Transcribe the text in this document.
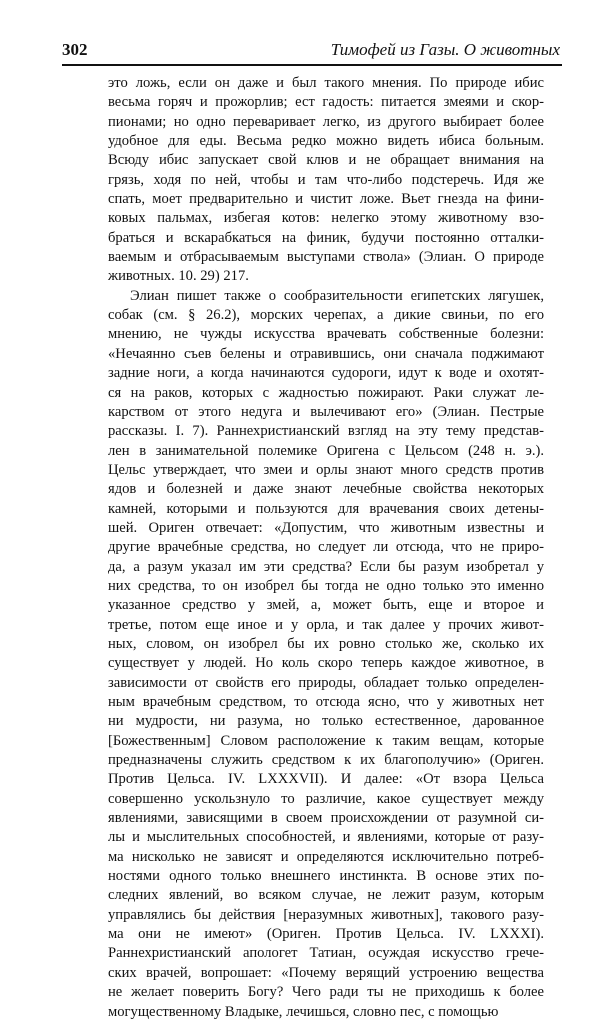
302	Тимофей из Газы. О животных

это ложь, если он даже и был такого мнения. По природе ибис
весьма горяч и прожорлив; ест гадость: питается змеями и скор-
пионами; но одно переваривает легко, из другого выбирает более
удобное для еды. Весьма редко можно видеть ибиса больным.
Всюду ибис запускает свой клюв и не обращает внимания на
грязь, ходя по ней, чтобы и там что-либо подстеречь. Идя же
спать, моет предварительно и чистит ложе. Вьет гнезда на фини-
ковых пальмах, избегая котов: нелегко этому животному взо-
браться и вскарабкаться на финик, будучи постоянно отталки-
ваемым и отбрасываемым выступами ствола» (Элиан. О природе
животных. 10. 29) 217.

Элиан пишет также о сообразительности египетских лягушек,
собак (см. § 26.2), морских черепах, а дикие свиньи, по его
мнению, не чужды искусства врачевать собственные болезни:
«Нечаянно съев белены и отравившись, они сначала поджимают
задние ноги, а когда начинаются судороги, идут к воде и охотят-
ся на раков, которых с жадностью пожирают. Раки служат ле-
карством от этого недуга и вылечивают его» (Элиан. Пестрые
рассказы. I. 7). Раннехристианский взгляд на эту тему представ-
лен в занимательной полемике Оригена с Цельсом (248 н. э.).
Цельс утверждает, что змеи и орлы знают много средств против
ядов и болезней и даже знают лечебные свойства некоторых
камней, которыми и пользуются для врачевания своих детены-
шей. Ориген отвечает: «Допустим, что животным известны и
другие врачебные средства, но следует ли отсюда, что не приро-
да, а разум указал им эти средства? Если бы разум изобретал у
них средства, то он изобрел бы тогда не одно только это именно
указанное средство у змей, а, может быть, еще и второе и
третье, потом еще иное и у орла, и так далее у прочих живот-
ных, словом, он изобрел бы их ровно столько же, сколько их
существует у людей. Но коль скоро теперь каждое животное, в
зависимости от свойств его природы, обладает только определен-
ным врачебным средством, то отсюда ясно, что у животных нет
ни мудрости, ни разума, но только естественное, дарованное
[Божественным] Словом расположение к таким вещам, которые
предназначены служить средством к их благополучию» (Ориген.
Против Цельса. IV. LXXXVII). И далее: «От взора Цельса
совершенно ускользнуло то различие, какое существует между
явлениями, зависящими в своем происхождении от разумной си-
лы и мыслительных способностей, и явлениями, которые от разу-
ма нисколько не зависят и определяются исключительно потреб-
ностями одного только внешнего инстинкта. В основе этих по-
следних явлений, во всяком случае, не лежит разум, которым
управлялись бы действия [неразумных животных], такового разу-
ма они не имеют» (Ориген. Против Цельса. IV. LXXXI).
Раннехристианский апологет Татиан, осуждая искусство грече-
ских врачей, вопрошает: «Почему верящий устроению вещества
не желает поверить Богу? Чего ради ты не приходишь к более
могущественному Владыке, лечишься, словно пес, с помощью
